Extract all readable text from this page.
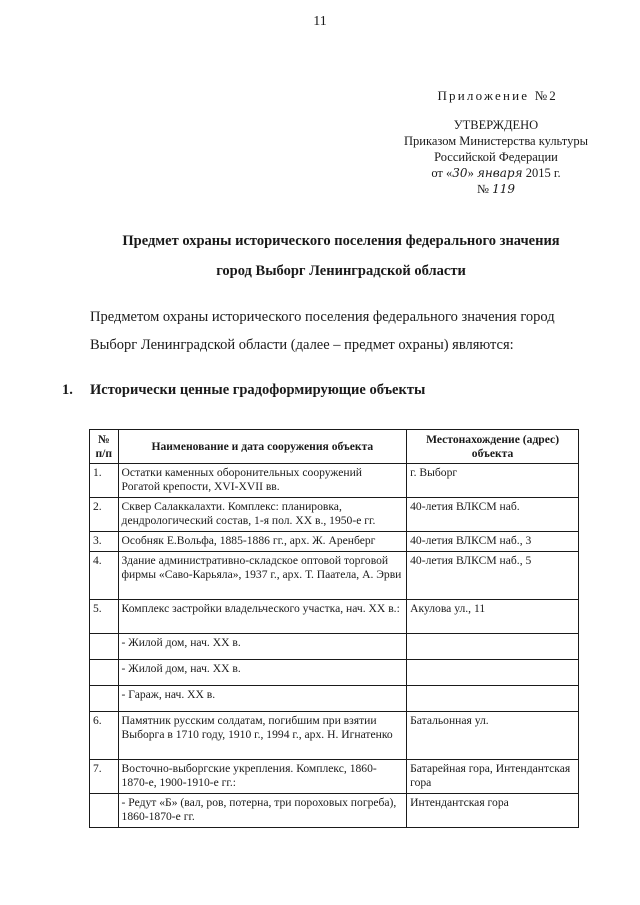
11
Приложение №2
УТВЕРЖДЕНО
Приказом Министерства культуры
Российской Федерации
от «30» января 2015 г.
№ 119
Предмет охраны исторического поселения федерального значения
город Выборг Ленинградской области
Предметом охраны исторического поселения федерального значения город Выборг Ленинградской области (далее – предмет охраны) являются:
1. Исторически ценные градоформирующие объекты
№ п/п	Наименование и дата сооружения объекта	Местонахождение (адрес) объекта
1.	Остатки каменных оборонительных сооружений Рогатой крепости, XVI-XVII вв.	г. Выборг
2.	Сквер Салаккалахти. Комплекс: планировка, дендрологический состав, 1-я пол. XX в., 1950-е гг.	40-летия ВЛКСМ наб.
3.	Особняк Е.Вольфа, 1885-1886 гг., арх. Ж. Аренберг	40-летия ВЛКСМ наб., 3
4.	Здание административно-складское оптовой торговой фирмы «Саво-Карьяла», 1937 г., арх. Т. Паатела, А. Эрви	40-летия ВЛКСМ наб., 5
5.	Комплекс застройки владельческого участка, нач. XX в.:	Акулова ул., 11
	- Жилой дом, нач. XX в.	
	- Жилой дом, нач. XX в.	
	- Гараж, нач. XX в.	
6.	Памятник русским солдатам, погибшим при взятии Выборга в 1710 году, 1910 г., 1994 г., арх. Н. Игнатенко	Батальонная ул.
7.	Восточно-выборгские укрепления. Комплекс, 1860-1870-е, 1900-1910-е гг.:	Батарейная гора, Интендантская гора
	- Редут «Б» (вал, ров, потерна, три пороховых погреба), 1860-1870-е гг.	Интендантская гора
